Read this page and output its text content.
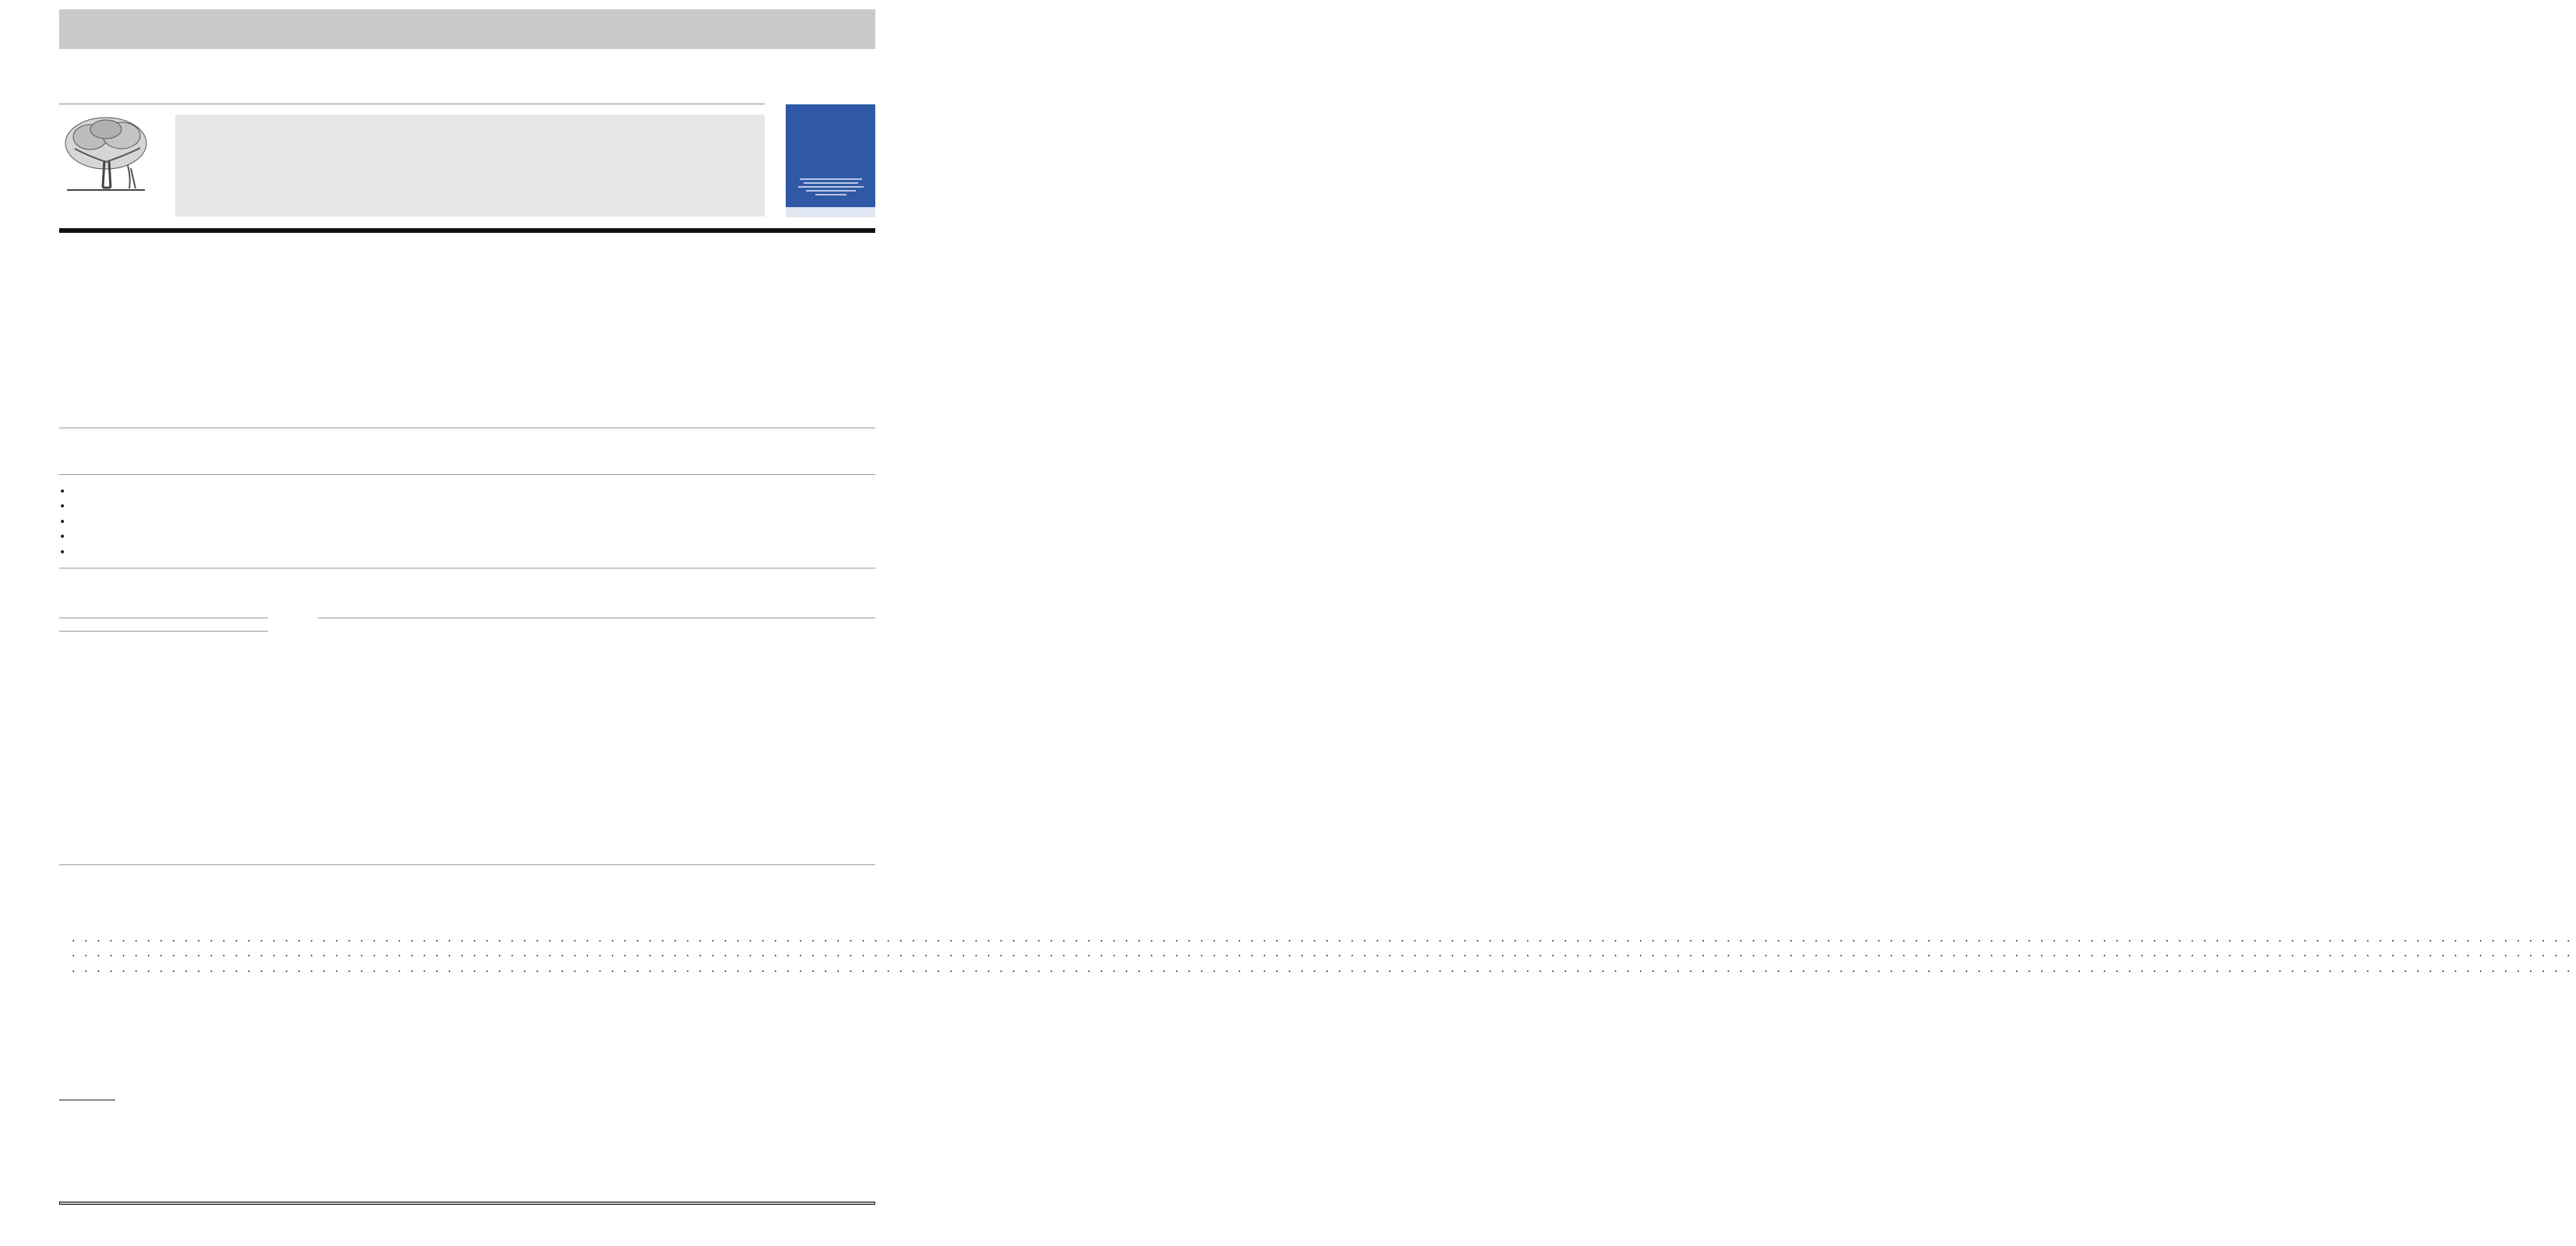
•
•
•
•
•
. . . . . . . . . . . . . . . . . . . . . . . . . . . . . . . . . . . . . . . . . . . . . . . . . . . . . . . . . . . . . . . . . . . . . . . . . . . . . . . . . . . . . . . . . . . . . . . . . . . . . . . . . . . . . . . . . . . . . . . . . . . . . . . . . . . . . . . . . . . . . . . . . . . . . . . . . . . . . . . . . . . . . . . . . . . . . . . . . . . . . . . . . . . . . . . . . . . . . . . .
. . . . . . . . . . . . . . . . . . . . . . . . . . . . . . . . . . . . . . . . . . . . . . . . . . . . . . . . . . . . . . . . . . . . . . . . . . . . . . . . . . . . . . . . . . . . . . . . . . . . . . . . . . . . . . . . . . . . . . . . . . . . . . . . . . . . . . . . . . . . . . . . . . . . . . . . . . . . . . . . . . . . . . . . . . . . . . . . . . . . . . . . . . . . . . . . . . . . . . . .
. . . . . . . . . . . . . . . . . . . . . . . . . . . . . . . . . . . . . . . . . . . . . . . . . . . . . . . . . . . . . . . . . . . . . . . . . . . . . . . . . . . . . . . . . . . . . . . . . . . . . . . . . . . . . . . . . . . . . . . . . . . . . . . . . . . . . . . . . . . . . . . . . . . . . . . . . . . . . . . . . . . . . . . . . . . . . . . . . . . . . . . . . . . . . . . . . . . . . . . .
